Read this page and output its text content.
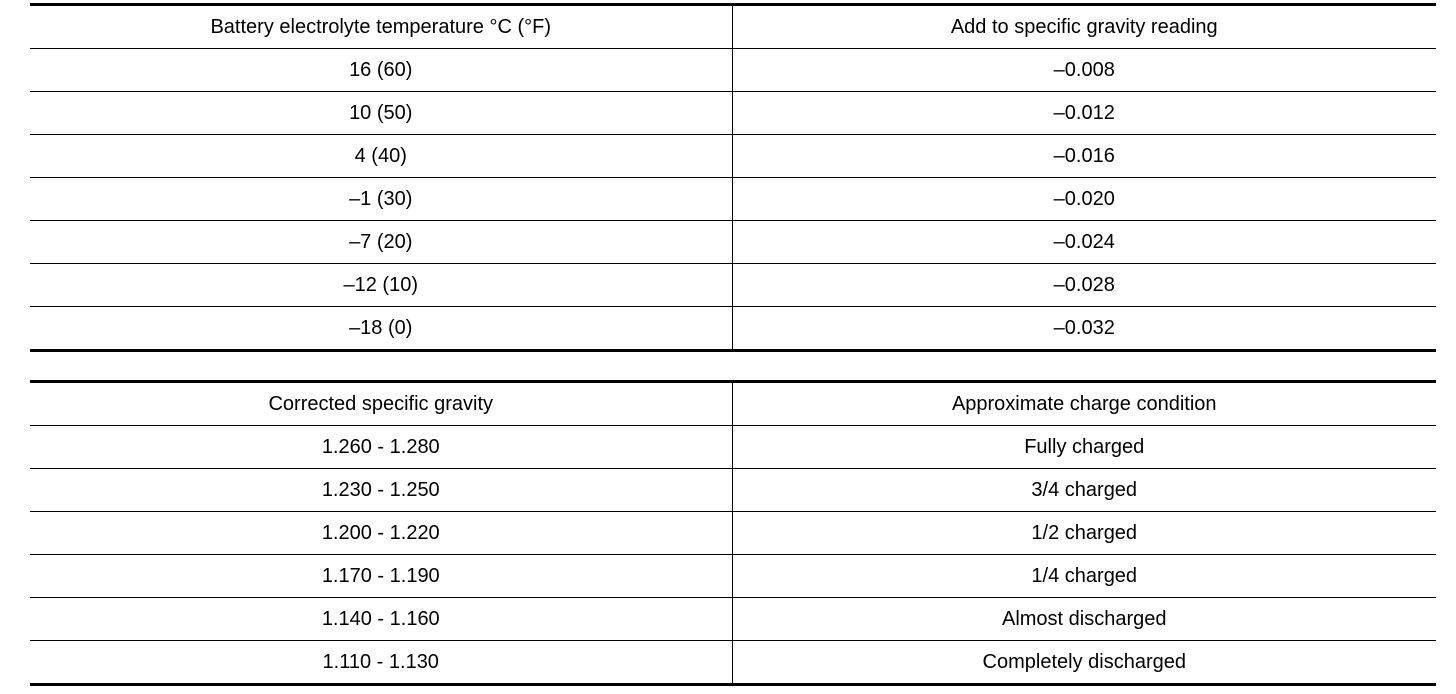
Battery electrolyte temperature °C (°F)	Add to specific gravity reading
16 (60)	–0.008
10 (50)	–0.012
4 (40)	–0.016
–1 (30)	–0.020
–7 (20)	–0.024
–12 (10)	–0.028
–18 (0)	–0.032
Corrected specific gravity	Approximate charge condition
1.260 - 1.280	Fully charged
1.230 - 1.250	3/4 charged
1.200 - 1.220	1/2 charged
1.170 - 1.190	1/4 charged
1.140 - 1.160	Almost discharged
1.110 - 1.130	Completely discharged
